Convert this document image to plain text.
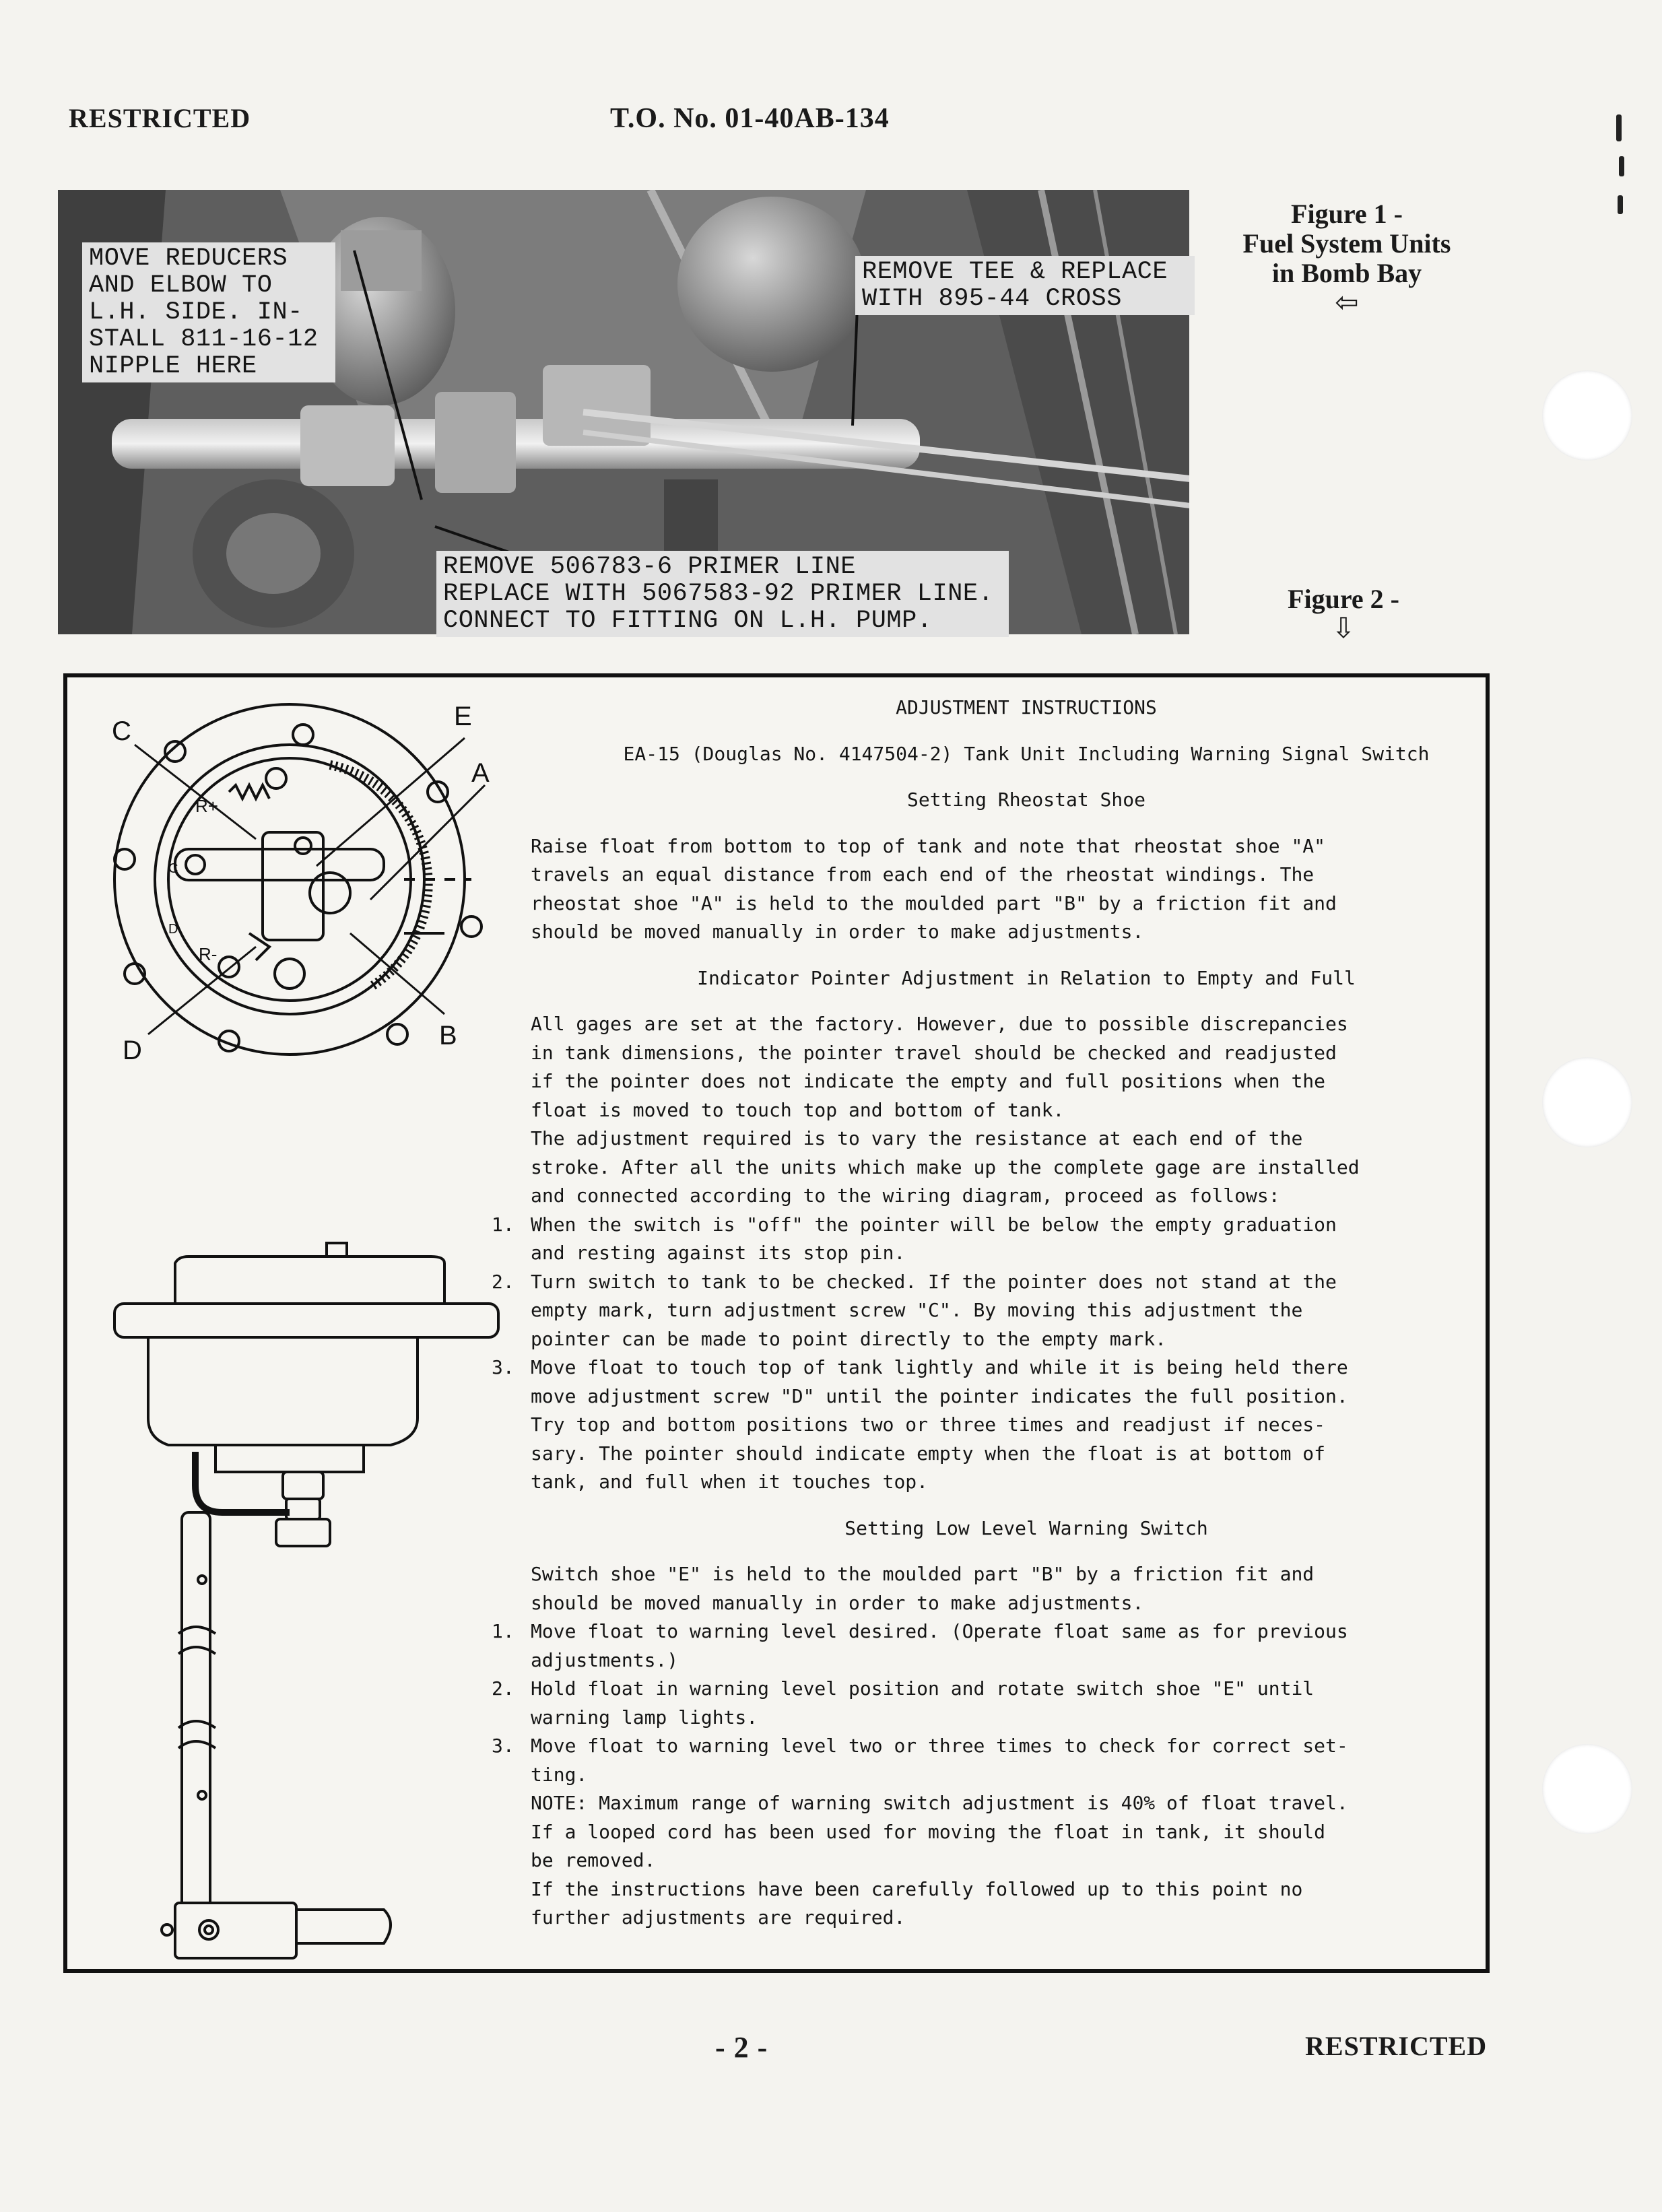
RESTRICTED	T.O. No. 01-40AB-134
MOVE REDUCERS
AND ELBOW TO
L.H. SIDE. IN-
STALL 811-16-12
NIPPLE HERE
REMOVE TEE & REPLACE
WITH 895-44 CROSS
REMOVE 506783-6 PRIMER LINE
REPLACE WITH 5067583-92 PRIMER LINE.
CONNECT TO FITTING ON L.H. PUMP.
Figure 1 -
Fuel System Units
in Bomb Bay
⇦
Figure 2 -
⇩
R+
R-
C
D
C	E
A
D	B

ADJUSTMENT INSTRUCTIONS

EA-15 (Douglas No. 4147504-2) Tank Unit Including Warning Signal Switch

Setting Rheostat Shoe

Raise float from bottom to top of tank and note that rheostat shoe "A"

travels an equal distance from each end of the rheostat windings. The

rheostat shoe "A" is held to the moulded part "B" by a friction fit and

should be moved manually in order to make adjustments.

Indicator Pointer Adjustment in Relation to Empty and Full

All gages are set at the factory. However, due to possible discrepancies

in tank dimensions, the pointer travel should be checked and readjusted

if the pointer does not indicate the empty and full positions when the

float is moved to touch top and bottom of tank.

The adjustment required is to vary the resistance at each end of the

stroke. After all the units which make up the complete gage are installed

and connected according to the wiring diagram, proceed as follows:

1. When the switch is "off" the pointer will be below the empty graduation

and resting against its stop pin.

2. Turn switch to tank to be checked. If the pointer does not stand at the

empty mark, turn adjustment screw "C". By moving this adjustment the

pointer can be made to point directly to the empty mark.

3. Move float to touch top of tank lightly and while it is being held there

move adjustment screw "D" until the pointer indicates the full position.

Try top and bottom positions two or three times and readjust if neces-

sary. The pointer should indicate empty when the float is at bottom of

tank, and full when it touches top.

Setting Low Level Warning Switch

Switch shoe "E" is held to the moulded part "B" by a friction fit and

should be moved manually in order to make adjustments.

1. Move float to warning level desired. (Operate float same as for previous

adjustments.)

2. Hold float in warning level position and rotate switch shoe "E" until

warning lamp lights.

3. Move float to warning level two or three times to check for correct set-

ting.

NOTE: Maximum range of warning switch adjustment is 40% of float travel.

If a looped cord has been used for moving the float in tank, it should

be removed.

If the instructions have been carefully followed up to this point no

further adjustments are required.

- 2 -	RESTRICTED
